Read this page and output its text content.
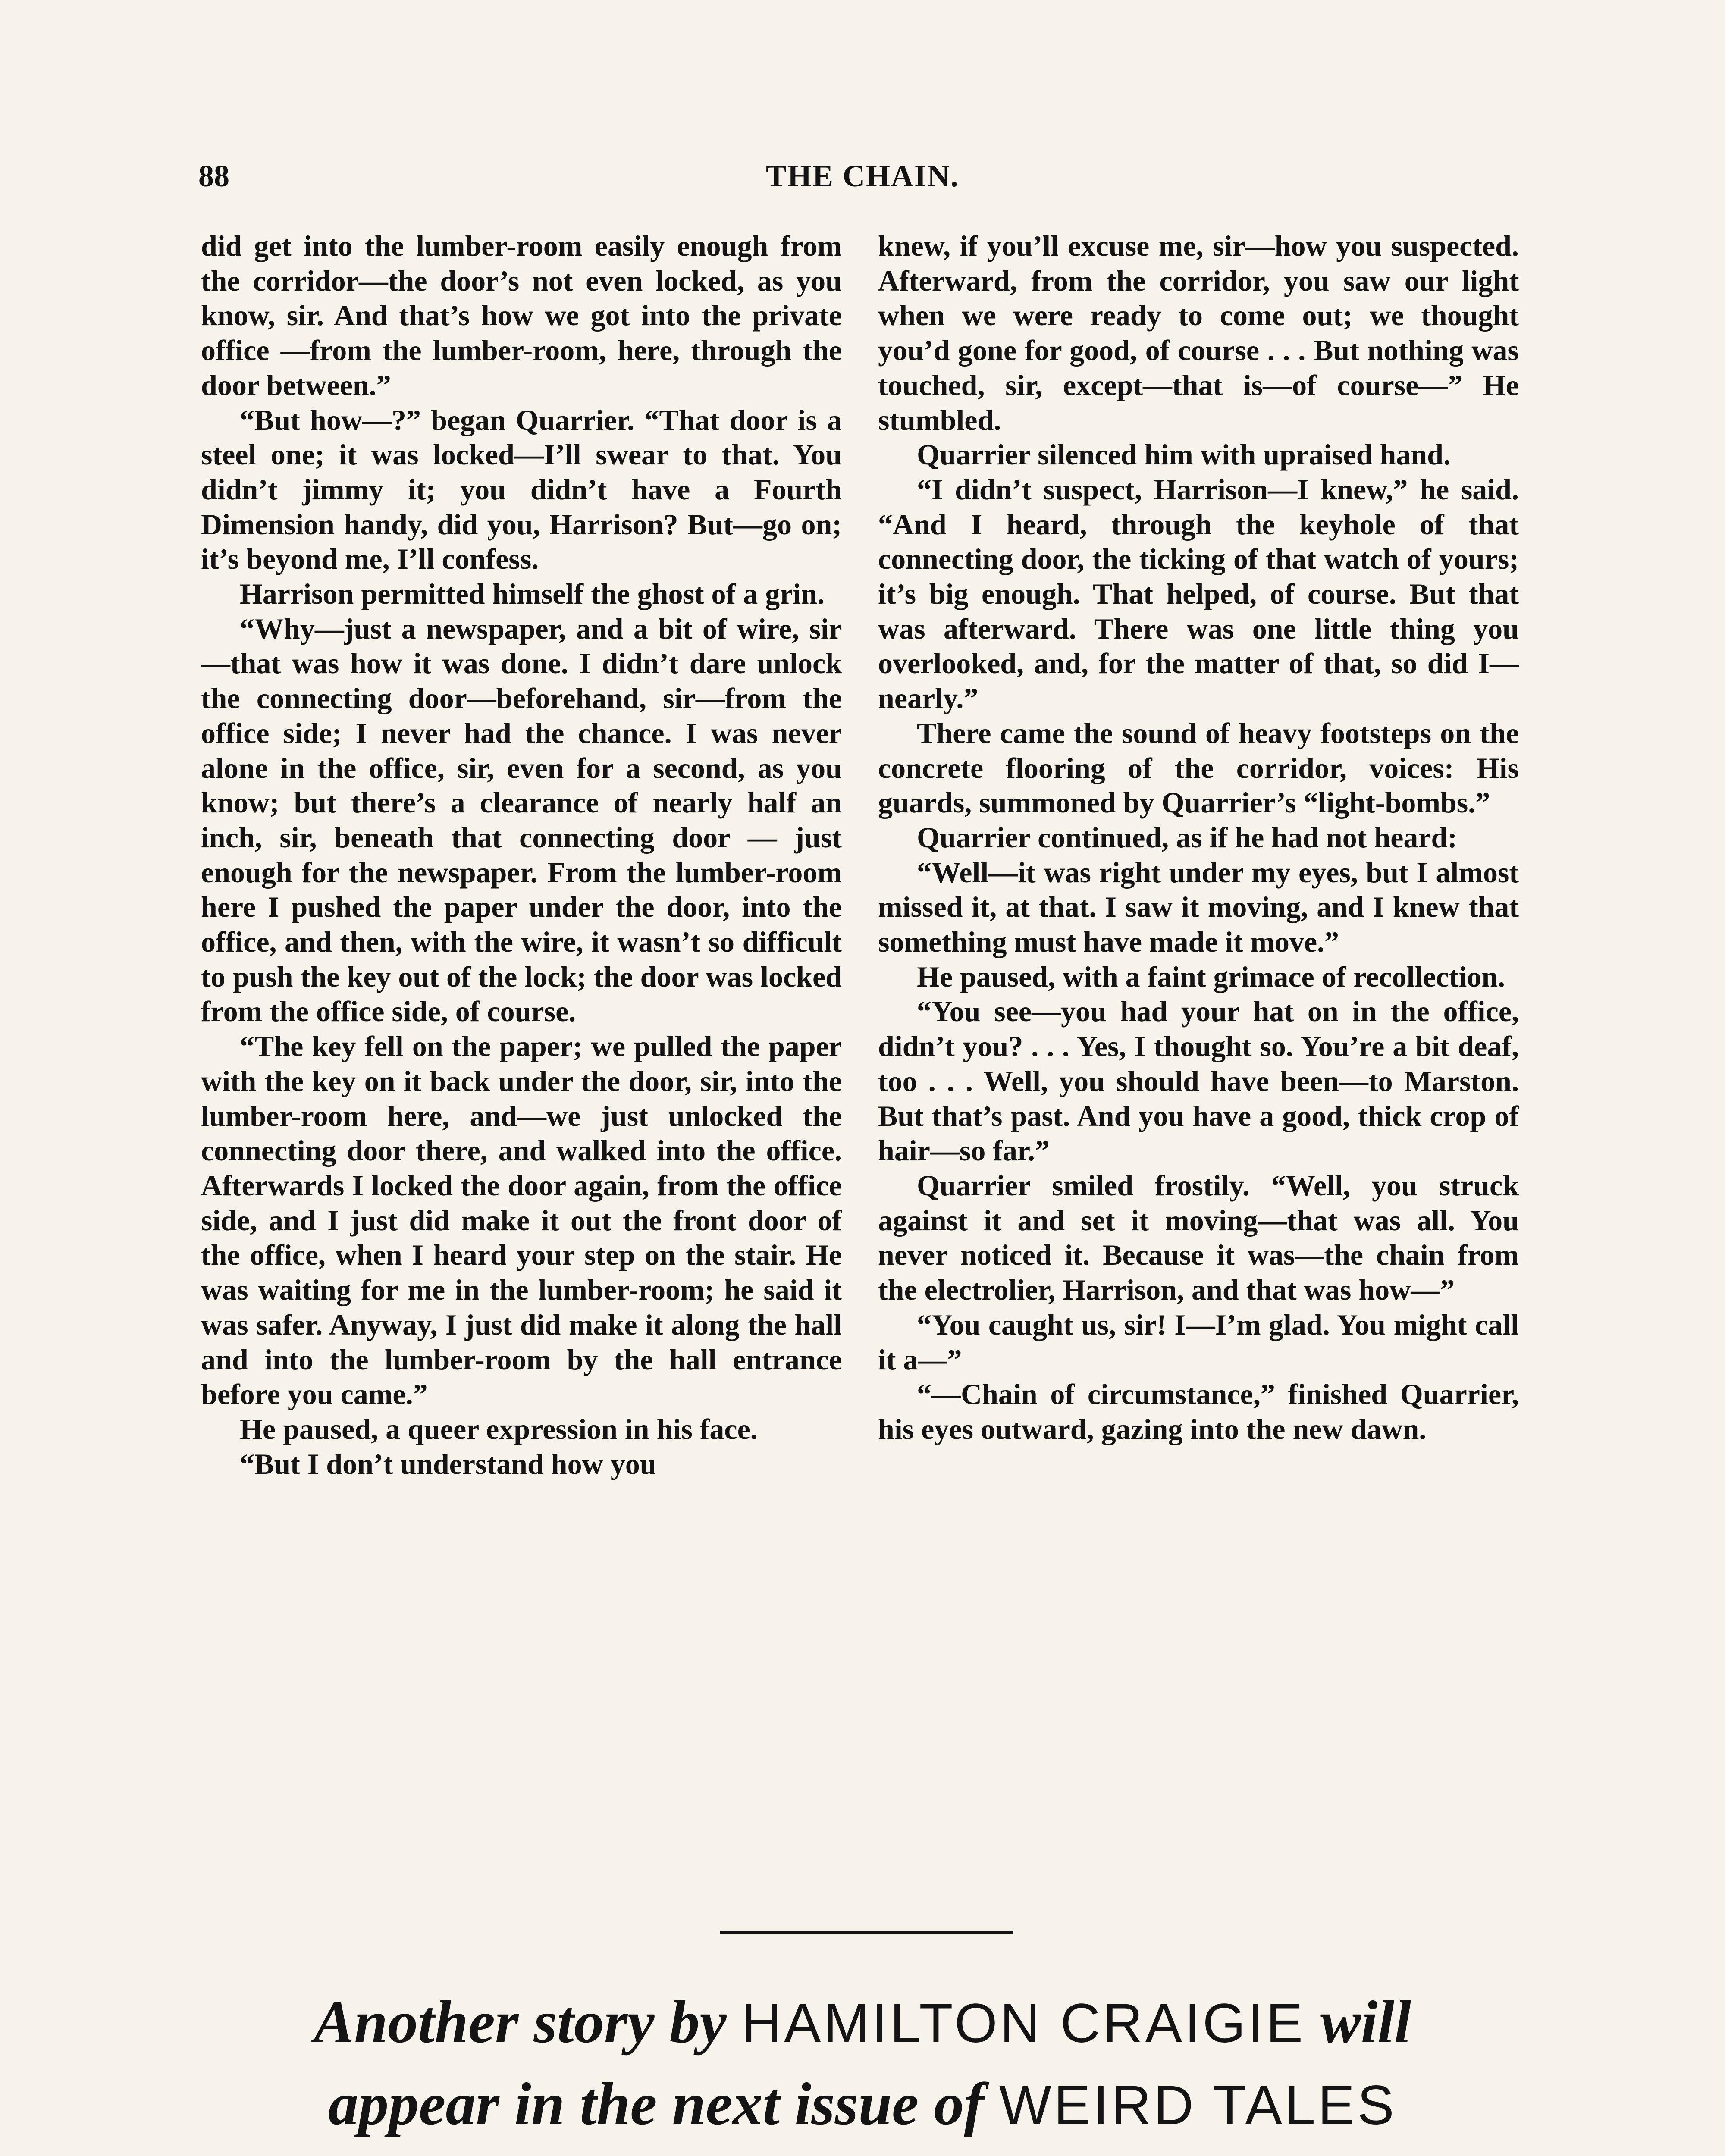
88	THE CHAIN.

did get into the lumber-room easily enough from the corridor—the door’s not even locked, as you know, sir. And that’s how we got into the private office —from the lumber-room, here, through the door between.”

“But how—?” began Quarrier. “That door is a steel one; it was locked—I’ll swear to that. You didn’t jimmy it; you didn’t have a Fourth Dimension handy, did you, Harrison? But—go on; it’s beyond me, I’ll confess.

Harrison permitted himself the ghost of a grin.

“Why—just a newspaper, and a bit of wire, sir—that was how it was done. I didn’t dare unlock the connecting door—beforehand, sir—from the office side; I never had the chance. I was never alone in the office, sir, even for a second, as you know; but there’s a clearance of nearly half an inch, sir, beneath that connecting door — just enough for the newspaper. From the lumber-room here I pushed the paper under the door, into the office, and then, with the wire, it wasn’t so difficult to push the key out of the lock; the door was locked from the office side, of course.

“The key fell on the paper; we pulled the paper with the key on it back under the door, sir, into the lumber-room here, and—we just unlocked the connecting door there, and walked into the office. Afterwards I locked the door again, from the office side, and I just did make it out the front door of the office, when I heard your step on the stair. He was waiting for me in the lumber-room; he said it was safer. Anyway, I just did make it along the hall and into the lumber-room by the hall entrance before you came.”

He paused, a queer expression in his face.

“But I don’t understand how you

knew, if you’ll excuse me, sir—how you suspected. Afterward, from the corridor, you saw our light when we were ready to come out; we thought you’d gone for good, of course . . . But nothing was touched, sir, except—that is—of course—” He stumbled.

Quarrier silenced him with upraised hand.

“I didn’t suspect, Harrison—I knew,” he said. “And I heard, through the keyhole of that connecting door, the ticking of that watch of yours; it’s big enough. That helped, of course. But that was afterward. There was one little thing you overlooked, and, for the matter of that, so did I—nearly.”

There came the sound of heavy footsteps on the concrete flooring of the corridor, voices: His guards, summoned by Quarrier’s “light-bombs.”

Quarrier continued, as if he had not heard:

“Well—it was right under my eyes, but I almost missed it, at that. I saw it moving, and I knew that something must have made it move.”

He paused, with a faint grimace of recollection.

“You see—you had your hat on in the office, didn’t you? . . . Yes, I thought so. You’re a bit deaf, too . . . Well, you should have been—to Marston. But that’s past. And you have a good, thick crop of hair—so far.”

Quarrier smiled frostily. “Well, you struck against it and set it moving—that was all. You never noticed it. Because it was—the chain from the electrolier, Harrison, and that was how—”

“You caught us, sir! I—I’m glad. You might call it a—”

“—Chain of circumstance,” finished Quarrier, his eyes outward, gazing into the new dawn.

Another story by HAMILTON CRAIGIE will
appear in the next issue of WEIRD TALES
